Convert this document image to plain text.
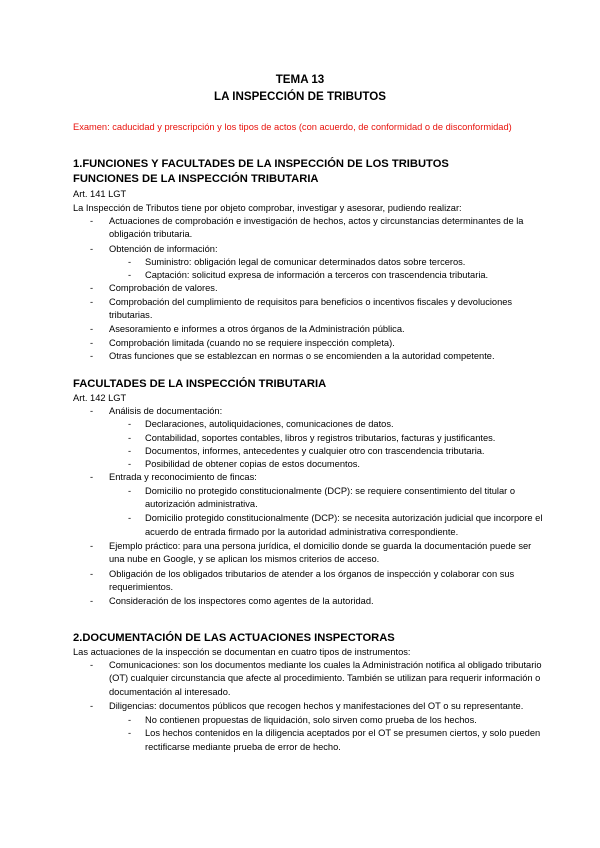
TEMA 13
LA INSPECCIÓN DE TRIBUTOS
Examen: caducidad y prescripción y los tipos de actos (con acuerdo, de conformidad o de disconformidad)
1.FUNCIONES Y FACULTADES DE LA INSPECCIÓN DE LOS TRIBUTOS
FUNCIONES DE LA INSPECCIÓN TRIBUTARIA
Art. 141 LGT
La Inspección de Tributos tiene por objeto comprobar, investigar y asesorar, pudiendo realizar:
- Actuaciones de comprobación e investigación de hechos, actos y circunstancias determinantes de la obligación tributaria.
- Obtención de información:
- Suministro: obligación legal de comunicar determinados datos sobre terceros.
- Captación: solicitud expresa de información a terceros con trascendencia tributaria.
- Comprobación de valores.
- Comprobación del cumplimiento de requisitos para beneficios o incentivos fiscales y devoluciones tributarias.
- Asesoramiento e informes a otros órganos de la Administración pública.
- Comprobación limitada (cuando no se requiere inspección completa).
- Otras funciones que se establezcan en normas o se encomienden a la autoridad competente.
FACULTADES DE LA INSPECCIÓN TRIBUTARIA
Art. 142 LGT
- Análisis de documentación:
- Declaraciones, autoliquidaciones, comunicaciones de datos.
- Contabilidad, soportes contables, libros y registros tributarios, facturas y justificantes.
- Documentos, informes, antecedentes y cualquier otro con trascendencia tributaria.
- Posibilidad de obtener copias de estos documentos.
- Entrada y reconocimiento de fincas:
- Domicilio no protegido constitucionalmente (DCP): se requiere consentimiento del titular o autorización administrativa.
- Domicilio protegido constitucionalmente (DCP): se necesita autorización judicial que incorpore el acuerdo de entrada firmado por la autoridad administrativa correspondiente.
- Ejemplo práctico: para una persona jurídica, el domicilio donde se guarda la documentación puede ser una nube en Google, y se aplican los mismos criterios de acceso.
- Obligación de los obligados tributarios de atender a los órganos de inspección y colaborar con sus requerimientos.
- Consideración de los inspectores como agentes de la autoridad.
2.DOCUMENTACIÓN DE LAS ACTUACIONES INSPECTORAS
Las actuaciones de la inspección se documentan en cuatro tipos de instrumentos:
- Comunicaciones: son los documentos mediante los cuales la Administración notifica al obligado tributario (OT) cualquier circunstancia que afecte al procedimiento. También se utilizan para requerir información o documentación al interesado.
- Diligencias: documentos públicos que recogen hechos y manifestaciones del OT o su representante.
- No contienen propuestas de liquidación, solo sirven como prueba de los hechos.
- Los hechos contenidos en la diligencia aceptados por el OT se presumen ciertos, y solo pueden rectificarse mediante prueba de error de hecho.
